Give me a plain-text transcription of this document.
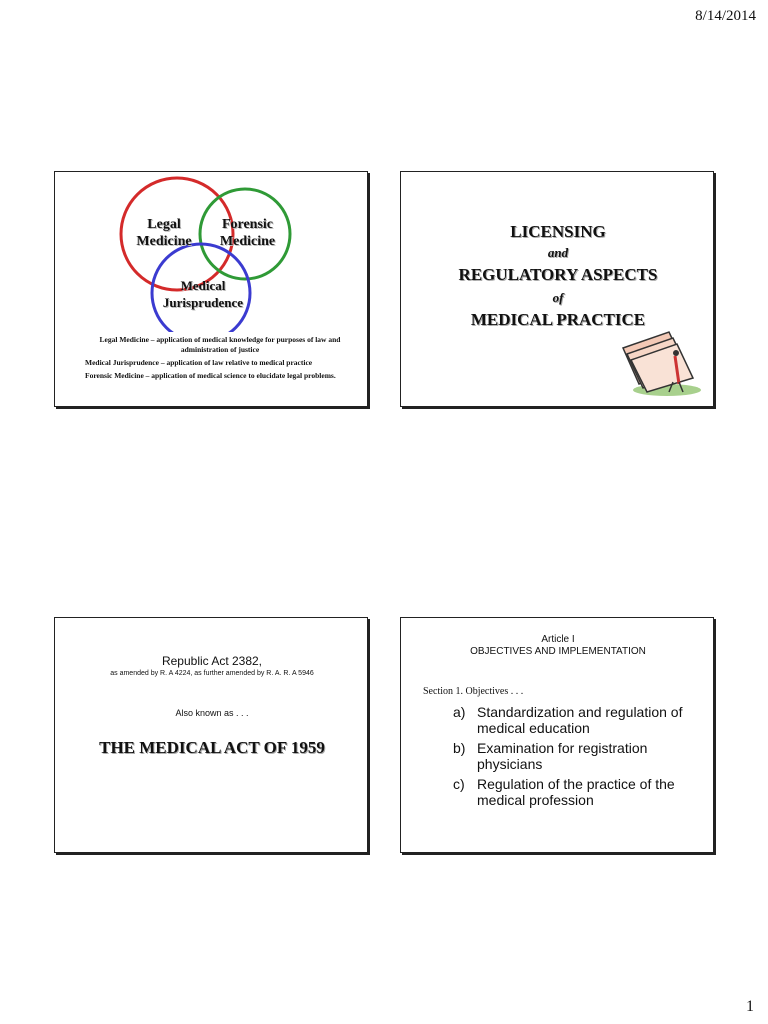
8/14/2014
Legal
Medicine
Forensic
Medicine
Medical
Jurisprudence
Legal Medicine – application of medical knowledge for purposes of law and administration of justice
Medical Jurisprudence – application of law relative to medical practice
Forensic Medicine – application of medical science to elucidate legal problems.
LICENSING
and
REGULATORY ASPECTS
of
MEDICAL PRACTICE
Republic Act 2382,
as amended by R. A 4224, as further amended by R. A. R. A 5946
Also known as . . .
THE MEDICAL ACT OF 1959
Article I
OBJECTIVES AND IMPLEMENTATION
Section 1. Objectives . . .
a) Standardization and regulation of medical education
b) Examination for registration physicians
c) Regulation of the practice of the medical profession
1
